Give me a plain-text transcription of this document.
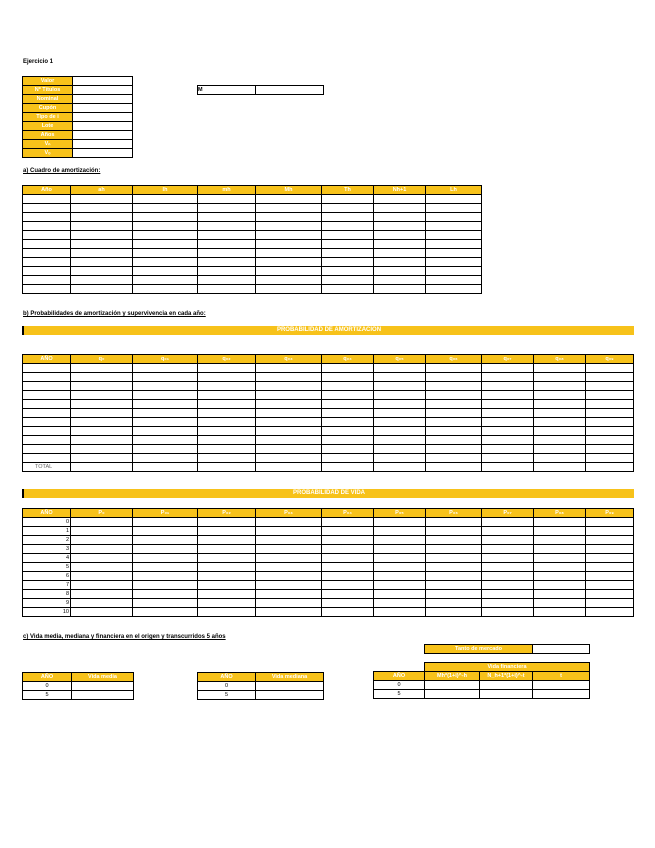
Ejercicio 1
Valor	
Nº Títulos	
Nominal	
Cupón	
Tipo de i	
Lote	
Años	
Vₙ	
Vₒ	
M	
a) Cuadro de amortización:
Año	ah	Ih	mh	Mh	Th	Nh+1	Lh

b) Probabilidades de amortización y supervivencia en cada año:
PROBABILIDAD DE AMORTIZACIÓN
AÑO	q₀	q₀₁	q₀₂	q₀₃	q₀₄	q₀₅	q₀₆	q₀₇	q₀₈	q₀₉

TOTAL										
PROBABILIDAD DE VIDA
AÑO	P₀	P₀₁	P₀₂	P₀₃	P₀₄	P₀₅	P₀₆	P₀₇	P₀₈	P₀₉
0										
1										
2										
3										
4										
5										
6										
7										
8										
9										
10										
c) Vida media, mediana y financiera en el origen y transcurridos 5 años
Tanto de mercado	
AÑO	Vida media
0	
5	
AÑO	Vida mediana
0	
5	
	Vida financiera		
AÑO	Mh*(1+i)^-h	N_h+1*(1+i)^-t	t
0			
5			
